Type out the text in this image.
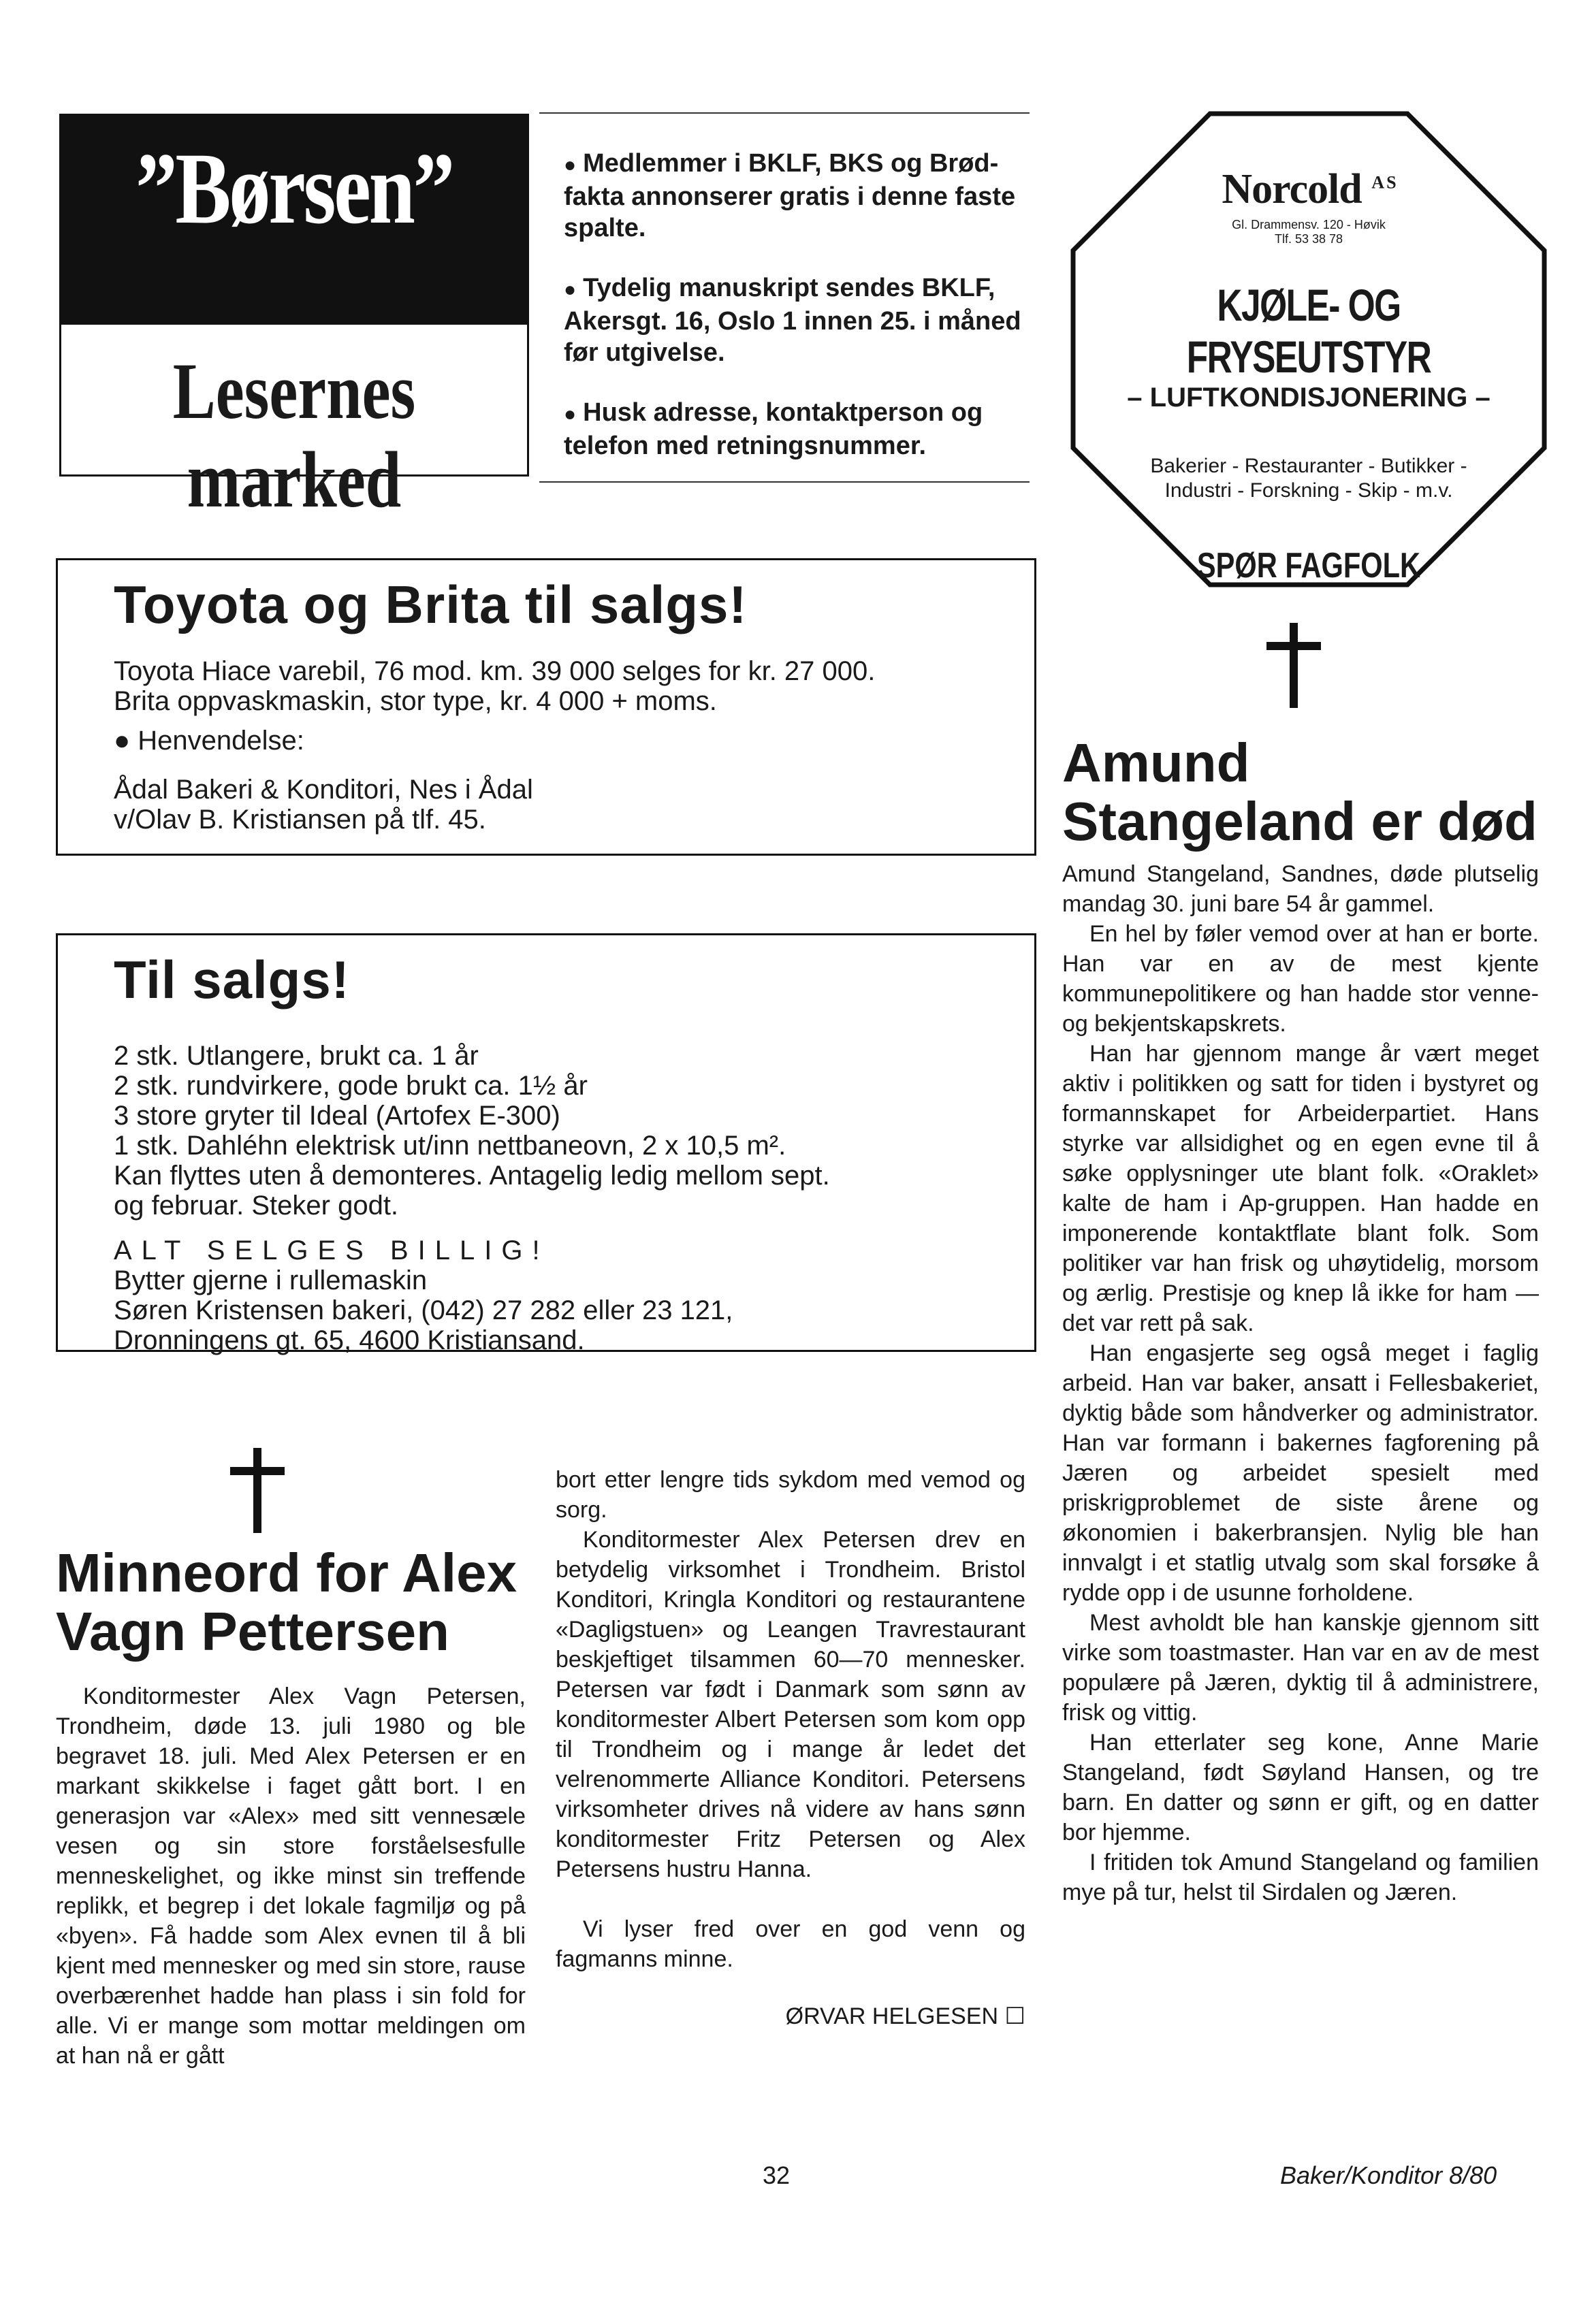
”Børsen”
Lesernes marked
● Medlemmer i BKLF, BKS og Brød-fakta annonserer gratis i denne faste spalte.
● Tydelig manuskript sendes BKLF, Akersgt. 16, Oslo 1 innen 25. i måned før utgivelse.
● Husk adresse, kontaktperson og telefon med retningsnummer.
Norcold $^{A S}$
Gl. Drammensv. 120 - Høvik
Tlf. 53 38 78
KJØLE- OG FRYSEUTSTYR
– LUFTKONDISJONERING –
Bakerier - Restauranter - Butikker -
Industri - Forskning - Skip - m.v.
SPØR FAGFOLK
Toyota og Brita til salgs!
Toyota Hiace varebil, 76 mod. km. 39 000 selges for kr. 27 000.
Brita oppvaskmaskin, stor type, kr. 4 000 + moms.
● Henvendelse:
Ådal Bakeri & Konditori, Nes i Ådal
v/Olav B. Kristiansen på tlf. 45.
Til salgs!
2 stk. Utlangere, brukt ca. 1 år
2 stk. rundvirkere, gode brukt ca. 1½ år
3 store gryter til Ideal (Artofex E-300)
1 stk. Dahléhn elektrisk ut/inn nettbaneovn, 2 x 10,5 m².
Kan flyttes uten å demonteres. Antagelig ledig mellom sept.
og februar. Steker godt.
ALT SELGES BILLIG!
Bytter gjerne i rullemaskin
Søren Kristensen bakeri, (042) 27 282 eller 23 121,
Dronningens gt. 65, 4600 Kristiansand.
Amund Stangeland er død

Amund Stangeland, Sandnes, døde plutselig mandag 30. juni bare 54 år gammel.

En hel by føler vemod over at han er borte. Han var en av de mest kjente kommunepolitikere og han hadde stor venne- og bekjentskapskrets.

Han har gjennom mange år vært meget aktiv i politikken og satt for tiden i bystyret og formannskapet for Arbeiderpartiet. Hans styrke var allsidighet og en egen evne til å søke opplysninger ute blant folk. «Oraklet» kalte de ham i Ap-gruppen. Han hadde en imponerende kontaktflate blant folk. Som politiker var han frisk og uhøytidelig, morsom og ærlig. Prestisje og knep lå ikke for ham — det var rett på sak.

Han engasjerte seg også meget i faglig arbeid. Han var baker, ansatt i Fellesbakeriet, dyktig både som håndverker og administrator. Han var formann i bakernes fagforening på Jæren og arbeidet spesielt med priskrigproblemet de siste årene og økonomien i bakerbransjen. Nylig ble han innvalgt i et statlig utvalg som skal forsøke å rydde opp i de usunne forholdene.

Mest avholdt ble han kanskje gjennom sitt virke som toastmaster. Han var en av de mest populære på Jæren, dyktig til å administrere, frisk og vittig.

Han etterlater seg kone, Anne Marie Stangeland, født Søyland Hansen, og tre barn. En datter og sønn er gift, og en datter bor hjemme.

I fritiden tok Amund Stangeland og familien mye på tur, helst til Sirdalen og Jæren.

Minneord for Alex Vagn Pettersen

Konditormester Alex Vagn Petersen, Trondheim, døde 13. juli 1980 og ble begravet 18. juli. Med Alex Petersen er en markant skikkelse i faget gått bort. I en generasjon var «Alex» med sitt vennesæle vesen og sin store forståelsesfulle menneskelighet, og ikke minst sin treffende replikk, et begrep i det lokale fagmiljø og på «byen». Få hadde som Alex evnen til å bli kjent med mennesker og med sin store, rause overbærenhet hadde han plass i sin fold for alle. Vi er mange som mottar meldingen om at han nå er gått

bort etter lengre tids sykdom med vemod og sorg.

Konditormester Alex Petersen drev en betydelig virksomhet i Trondheim. Bristol Konditori, Kringla Konditori og restaurantene «Dagligstuen» og Leangen Travrestaurant beskjeftiget tilsammen 60—70 mennesker. Petersen var født i Danmark som sønn av konditormester Albert Petersen som kom opp til Trondheim og i mange år ledet det velrenommerte Alliance Konditori. Petersens virksomheter drives nå videre av hans sønn konditormester Fritz Petersen og Alex Petersens hustru Hanna.

Vi lyser fred over en god venn og fagmanns minne.

ØRVAR HELGESEN ☐

32	Baker/Konditor 8/80
